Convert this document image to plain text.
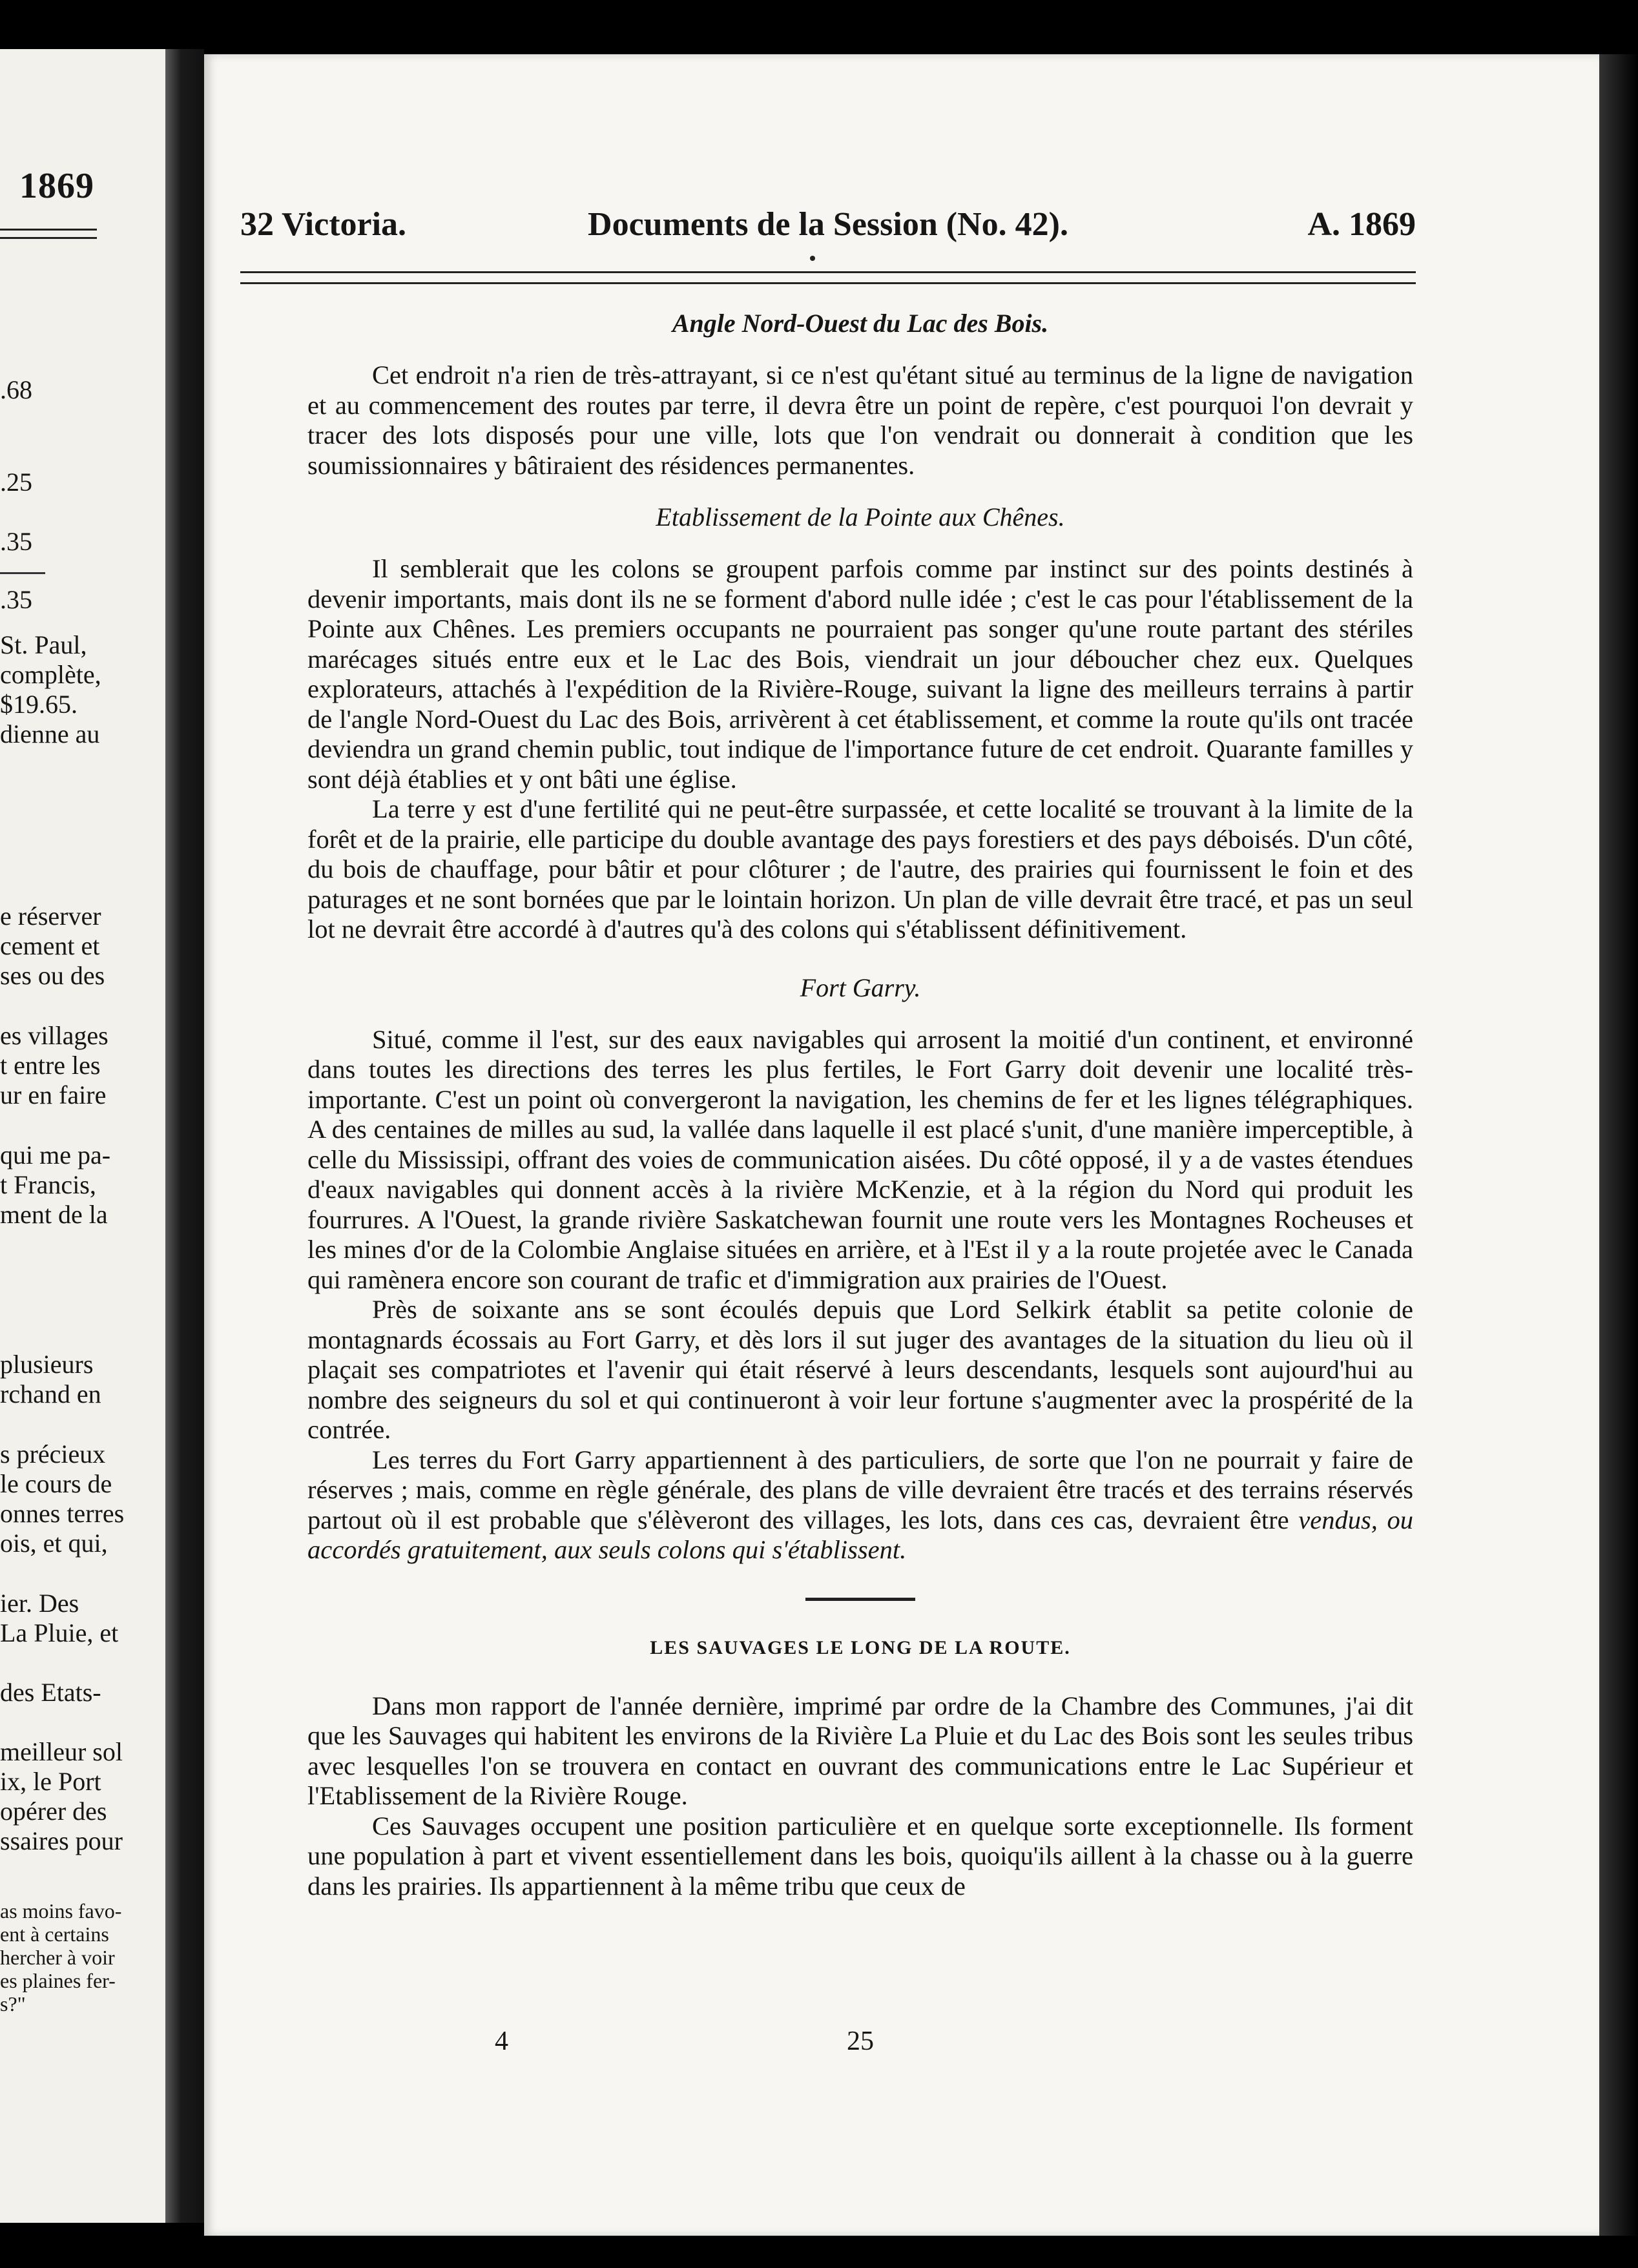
1869
.68
.25
.35
.35
St. Paul,
complète,
$19.65.
dienne au
e réserver
cement et
ses ou des
es villages
t entre les
ur en faire
qui me pa-
t Francis,
ment de la
plusieurs
rchand en
s précieux
le cours de
onnes terres
ois, et qui,
ier. Des
La Pluie, et
des Etats-
meilleur sol
ix, le Port
opérer des
ssaires pour
as moins favo-
ent à certains
hercher à voir
es plaines fer-
s?"
32 Victoria.	Documents de la Session (No. 42).	A. 1869
Angle Nord-Ouest du Lac des Bois.

Cet endroit n'a rien de très-attrayant, si ce n'est qu'étant situé au terminus de la ligne de navigation et au commencement des routes par terre, il devra être un point de repère, c'est pourquoi l'on devrait y tracer des lots disposés pour une ville, lots que l'on vendrait ou donnerait à condition que les soumissionnaires y bâtiraient des résidences permanentes.

Etablissement de la Pointe aux Chênes.

Il semblerait que les colons se groupent parfois comme par instinct sur des points destinés à devenir importants, mais dont ils ne se forment d'abord nulle idée ; c'est le cas pour l'établissement de la Pointe aux Chênes. Les premiers occupants ne pourraient pas songer qu'une route partant des stériles marécages situés entre eux et le Lac des Bois, viendrait un jour déboucher chez eux. Quelques explorateurs, attachés à l'expédition de la Rivière-Rouge, suivant la ligne des meilleurs terrains à partir de l'angle Nord-Ouest du Lac des Bois, arrivèrent à cet établissement, et comme la route qu'ils ont tracée deviendra un grand chemin public, tout indique de l'importance future de cet endroit. Quarante familles y sont déjà établies et y ont bâti une église.

La terre y est d'une fertilité qui ne peut-être surpassée, et cette localité se trouvant à la limite de la forêt et de la prairie, elle participe du double avantage des pays forestiers et des pays déboisés. D'un côté, du bois de chauffage, pour bâtir et pour clôturer ; de l'autre, des prairies qui fournissent le foin et des paturages et ne sont bornées que par le lointain horizon. Un plan de ville devrait être tracé, et pas un seul lot ne devrait être accordé à d'autres qu'à des colons qui s'établissent définitivement.

Fort Garry.

Situé, comme il l'est, sur des eaux navigables qui arrosent la moitié d'un continent, et environné dans toutes les directions des terres les plus fertiles, le Fort Garry doit devenir une localité très-importante. C'est un point où convergeront la navigation, les chemins de fer et les lignes télégraphiques. A des centaines de milles au sud, la vallée dans laquelle il est placé s'unit, d'une manière imperceptible, à celle du Mississipi, offrant des voies de communication aisées. Du côté opposé, il y a de vastes étendues d'eaux navigables qui donnent accès à la rivière McKenzie, et à la région du Nord qui produit les fourrures. A l'Ouest, la grande rivière Saskatchewan fournit une route vers les Montagnes Rocheuses et les mines d'or de la Colombie Anglaise situées en arrière, et à l'Est il y a la route projetée avec le Canada qui ramènera encore son courant de trafic et d'immigration aux prairies de l'Ouest.

Près de soixante ans se sont écoulés depuis que Lord Selkirk établit sa petite colonie de montagnards écossais au Fort Garry, et dès lors il sut juger des avantages de la situation du lieu où il plaçait ses compatriotes et l'avenir qui était réservé à leurs descendants, lesquels sont aujourd'hui au nombre des seigneurs du sol et qui continueront à voir leur fortune s'augmenter avec la prospérité de la contrée.

Les terres du Fort Garry appartiennent à des particuliers, de sorte que l'on ne pourrait y faire de réserves ; mais, comme en règle générale, des plans de ville devraient être tracés et des terrains réservés partout où il est probable que s'élèveront des villages, les lots, dans ces cas, devraient être vendus, ou accordés gratuitement, aux seuls colons qui s'établissent.

LES SAUVAGES LE LONG DE LA ROUTE.

Dans mon rapport de l'année dernière, imprimé par ordre de la Chambre des Communes, j'ai dit que les Sauvages qui habitent les environs de la Rivière La Pluie et du Lac des Bois sont les seules tribus avec lesquelles l'on se trouvera en contact en ouvrant des communications entre le Lac Supérieur et l'Etablissement de la Rivière Rouge.

Ces Sauvages occupent une position particulière et en quelque sorte exceptionnelle. Ils forment une population à part et vivent essentiellement dans les bois, quoiqu'ils aillent à la chasse ou à la guerre dans les prairies. Ils appartiennent à la même tribu que ceux de

4	25
